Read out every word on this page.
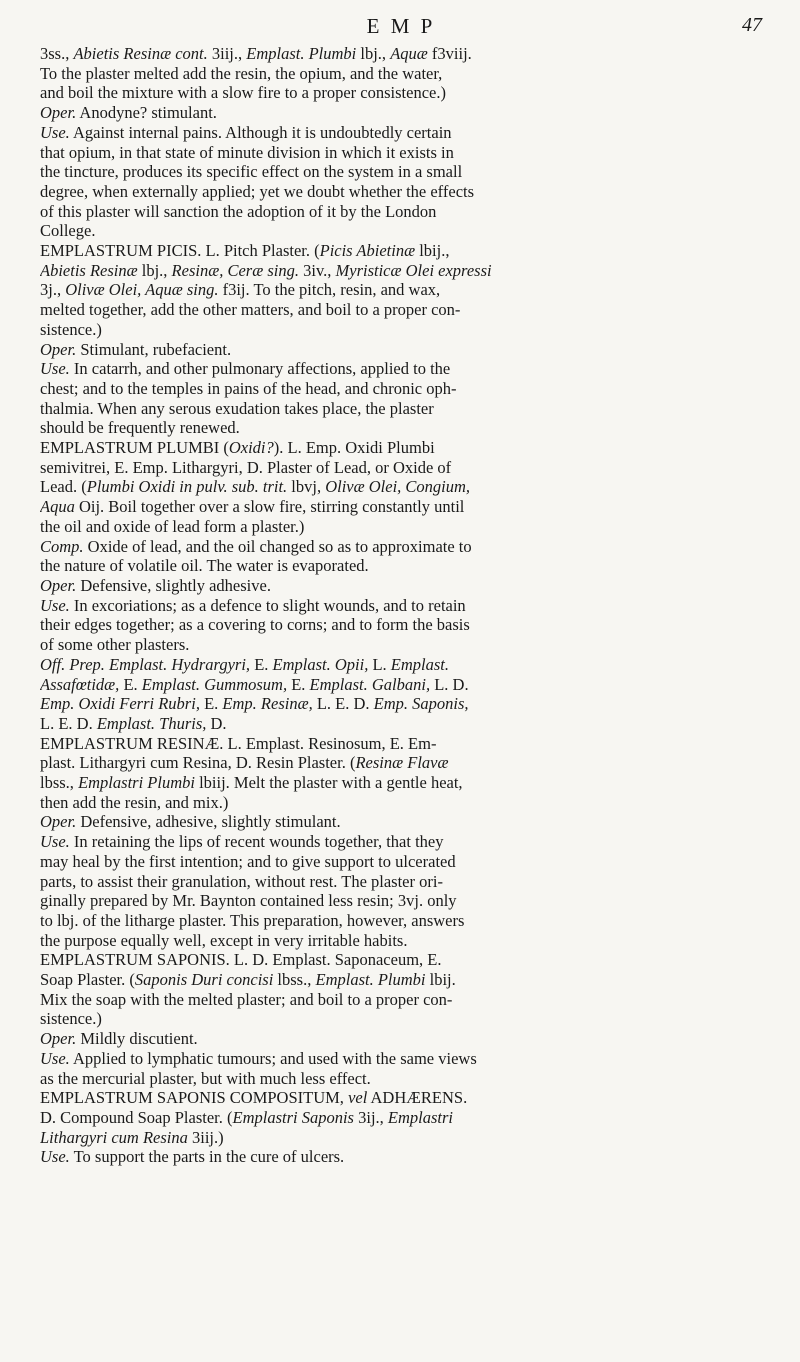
E M P	47
3ss., Abietis Resinæ cont. 3iij., Emplast. Plumbi lbj., Aquæ f3viij.
To the plaster melted add the resin, the opium, and the water,
and boil the mixture with a slow fire to a proper consistence.)
Oper. Anodyne? stimulant.
Use. Against internal pains. Although it is undoubtedly certain
that opium, in that state of minute division in which it exists in
the tincture, produces its specific effect on the system in a small
degree, when externally applied; yet we doubt whether the effects
of this plaster will sanction the adoption of it by the London
College.
EMPLASTRUM PICIS. L. Pitch Plaster. (Picis Abietinæ lbij.,
Abietis Resinæ lbj., Resinæ, Ceræ sing. 3iv., Myristicæ Olei expressi
3j., Olivæ Olei, Aquæ sing. f3ij. To the pitch, resin, and wax,
melted together, add the other matters, and boil to a proper con-
sistence.)
Oper. Stimulant, rubefacient.
Use. In catarrh, and other pulmonary affections, applied to the
chest; and to the temples in pains of the head, and chronic oph-
thalmia. When any serous exudation takes place, the plaster
should be frequently renewed.
EMPLASTRUM PLUMBI (Oxidi?). L. Emp. Oxidi Plumbi
semivitrei, E. Emp. Lithargyri, D. Plaster of Lead, or Oxide of
Lead. (Plumbi Oxidi in pulv. sub. trit. lbvj, Olivæ Olei, Congium,
Aqua Oij. Boil together over a slow fire, stirring constantly until
the oil and oxide of lead form a plaster.)
Comp. Oxide of lead, and the oil changed so as to approximate to
the nature of volatile oil. The water is evaporated.
Oper. Defensive, slightly adhesive.
Use. In excoriations; as a defence to slight wounds, and to retain
their edges together; as a covering to corns; and to form the basis
of some other plasters.
Off. Prep. Emplast. Hydrargyri, E. Emplast. Opii, L. Emplast.
Assafœtidæ, E. Emplast. Gummosum, E. Emplast. Galbani, L. D.
Emp. Oxidi Ferri Rubri, E. Emp. Resinæ, L. E. D. Emp. Saponis,
L. E. D. Emplast. Thuris, D.
EMPLASTRUM RESINÆ. L. Emplast. Resinosum, E. Em-
plast. Lithargyri cum Resina, D. Resin Plaster. (Resinæ Flavæ
lbss., Emplastri Plumbi lbiij. Melt the plaster with a gentle heat,
then add the resin, and mix.)
Oper. Defensive, adhesive, slightly stimulant.
Use. In retaining the lips of recent wounds together, that they
may heal by the first intention; and to give support to ulcerated
parts, to assist their granulation, without rest. The plaster ori-
ginally prepared by Mr. Baynton contained less resin; 3vj. only
to lbj. of the litharge plaster. This preparation, however, answers
the purpose equally well, except in very irritable habits.
EMPLASTRUM SAPONIS. L. D. Emplast. Saponaceum, E.
Soap Plaster. (Saponis Duri concisi lbss., Emplast. Plumbi lbij.
Mix the soap with the melted plaster; and boil to a proper con-
sistence.)
Oper. Mildly discutient.
Use. Applied to lymphatic tumours; and used with the same views
as the mercurial plaster, but with much less effect.
EMPLASTRUM SAPONIS COMPOSITUM, vel ADHÆRENS.
D. Compound Soap Plaster. (Emplastri Saponis 3ij., Emplastri
Lithargyri cum Resina 3iij.)
Use. To support the parts in the cure of ulcers.
